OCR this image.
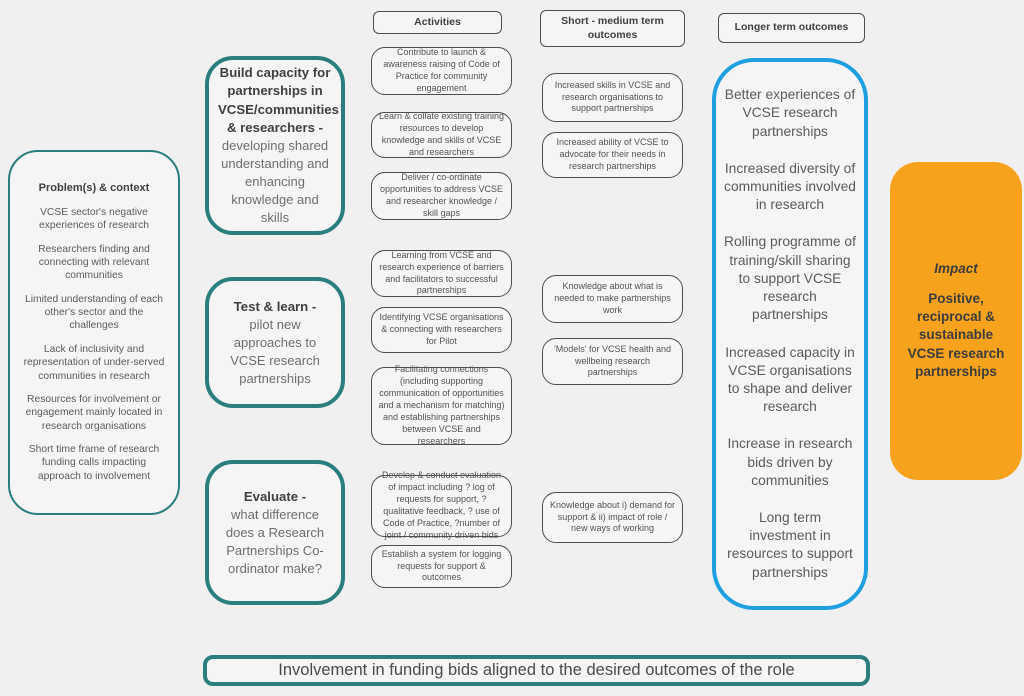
Problem(s) & context
VCSE sector's negative experiences of research
Researchers finding and connecting with relevant communities
Limited understanding of each other's sector and the challenges
Lack of inclusivity and representation of under-served communities in research
Resources for involvement or engagement mainly located in research organisations
Short time frame of research funding calls impacting approach to involvement
Build capacity for partnerships in VCSE/communities & researchers -
developing shared understanding and enhancing knowledge and skills
Test & learn -
pilot new approaches to VCSE research partnerships
Evaluate -
what difference does a Research Partnerships Co-ordinator make?
Activities	Short - medium term outcomes
Longer term outcomes
Contribute to launch & awareness raising of Code of Practice for community engagement
Learn & collate existing training resources to develop knowledge and skills of VCSE and researchers
Deliver / co-ordinate opportunities to address VCSE and researcher knowledge / skill gaps
Learning from VCSE and research experience of barriers and facilitators to successful partnerships
Identifying VCSE organisations & connecting with researchers for Pilot
Facilitating connections (including supporting communication of opportunities and a mechanism for matching) and establishing partnerships between VCSE and researchers
Develop & conduct evaluation of impact including ? log of requests for support, ? qualitative feedback, ? use of Code of Practice, ?number of joint / community driven bids
Establish a system for logging requests for support & outcomes
Increased skills in VCSE and research organisations to support partnerships
Increased ability of VCSE to advocate for their needs in research partnerships
Knowledge about what is needed to make partnerships work
'Models' for VCSE health and wellbeing research partnerships
Knowledge about i) demand for support & ii) impact of role / new ways of working
Better experiences of VCSE research partnerships
Increased diversity of communities involved in research
Rolling programme of training/skill sharing to support VCSE research partnerships
Increased capacity in VCSE organisations to shape and deliver research
Increase in research bids driven by communities
Long term investment in resources to support partnerships
Impact
Positive, reciprocal & sustainable VCSE research partnerships
Involvement in funding bids aligned to the desired outcomes of the role
